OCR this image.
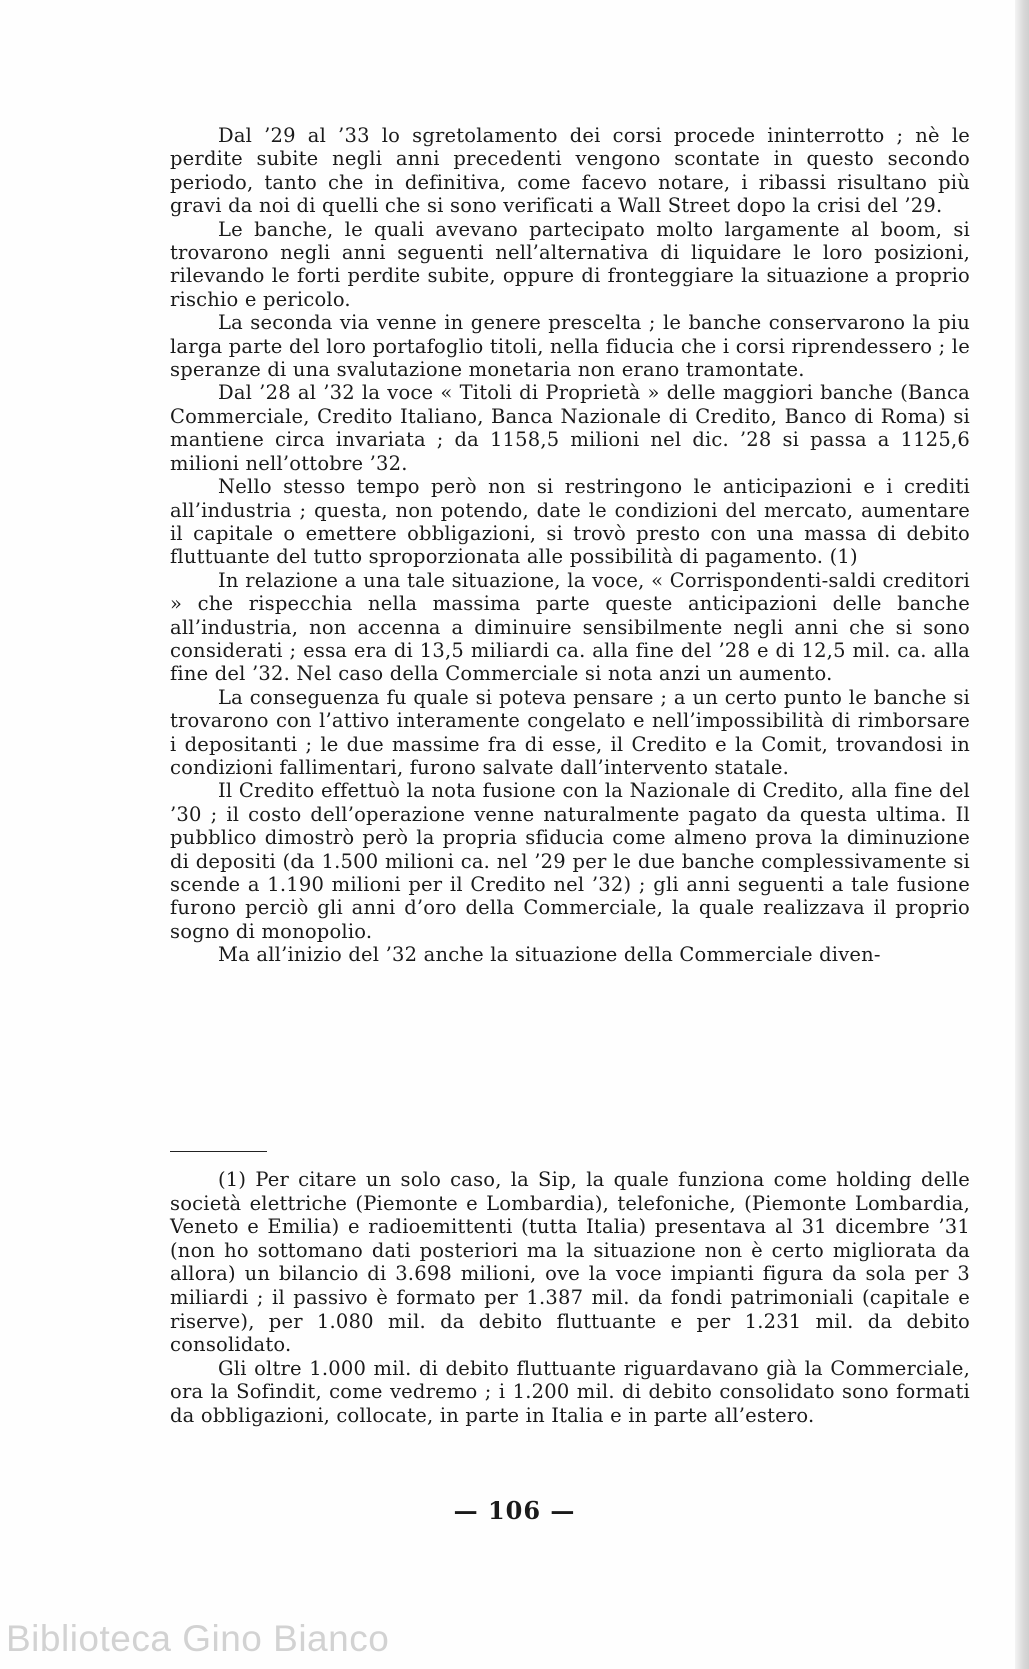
Dal ’29 al ’33 lo sgretolamento dei corsi procede ininterrotto ; nè le perdite subite negli anni precedenti vengono scontate in questo secondo periodo, tanto che in definitiva, come facevo notare, i ribassi risultano più gravi da noi di quelli che si sono verificati a Wall Street dopo la crisi del ’29.

Le banche, le quali avevano partecipato molto largamente al boom, si trovarono negli anni seguenti nell’alternativa di liquidare le loro posizioni, rilevando le forti perdite subite, oppure di fronteggiare la situazione a proprio rischio e pericolo.

La seconda via venne in genere prescelta ; le banche conservarono la piu larga parte del loro portafoglio titoli, nella fiducia che i corsi riprendessero ; le speranze di una svalutazione monetaria non erano tramontate.

Dal ’28 al ’32 la voce « Titoli di Proprietà » delle maggiori banche (Banca Commerciale, Credito Italiano, Banca Nazionale di Credito, Banco di Roma) si mantiene circa invariata ; da 1158,5 milioni nel dic. ’28 si passa a 1125,6 milioni nell’ottobre ’32.

Nello stesso tempo però non si restringono le anticipazioni e i crediti all’industria ; questa, non potendo, date le condizioni del mercato, aumentare il capitale o emettere obbligazioni, si trovò presto con una massa di debito fluttuante del tutto sproporzionata alle possibilità di pagamento. (1)

In relazione a una tale situazione, la voce, « Corrispondenti-saldi creditori » che rispecchia nella massima parte queste anticipazioni delle banche all’industria, non accenna a diminuire sensibilmente negli anni che si sono considerati ; essa era di 13,5 miliardi ca. alla fine del ’28 e di 12,5 mil. ca. alla fine del ’32. Nel caso della Commerciale si nota anzi un aumento.

La conseguenza fu quale si poteva pensare ; a un certo punto le banche si trovarono con l’attivo interamente congelato e nell’impossibilità di rimborsare i depositanti ; le due massime fra di esse, il Credito e la Comit, trovandosi in condizioni fallimentari, furono salvate dall’intervento statale.

Il Credito effettuò la nota fusione con la Nazionale di Credito, alla fine del ’30 ; il costo dell’operazione venne naturalmente pagato da questa ultima. Il pubblico dimostrò però la propria sfiducia come almeno prova la diminuzione di depositi (da 1.500 milioni ca. nel ’29 per le due banche complessivamente si scende a 1.190 milioni per il Credito nel ’32) ; gli anni seguenti a tale fusione furono perciò gli anni d’oro della Commerciale, la quale realizzava il proprio sogno di monopolio.

Ma all’inizio del ’32 anche la situazione della Commerciale diven-

(1) Per citare un solo caso, la Sip, la quale funziona come holding delle società elettriche (Piemonte e Lombardia), telefoniche, (Piemonte Lombardia, Veneto e Emilia) e radioemittenti (tutta Italia) presentava al 31 dicembre ’31 (non ho sottomano dati posteriori ma la situazione non è certo migliorata da allora) un bilancio di 3.698 milioni, ove la voce impianti figura da sola per 3 miliardi ; il passivo è formato per 1.387 mil. da fondi patrimoniali (capitale e riserve), per 1.080 mil. da debito fluttuante e per 1.231 mil. da debito consolidato.

Gli oltre 1.000 mil. di debito fluttuante riguardavano già la Commerciale, ora la Sofindit, come vedremo ; i 1.200 mil. di debito consolidato sono formati da obbligazioni, collocate, in parte in Italia e in parte all’estero.

— 106 —
Biblioteca Gino Bianco
